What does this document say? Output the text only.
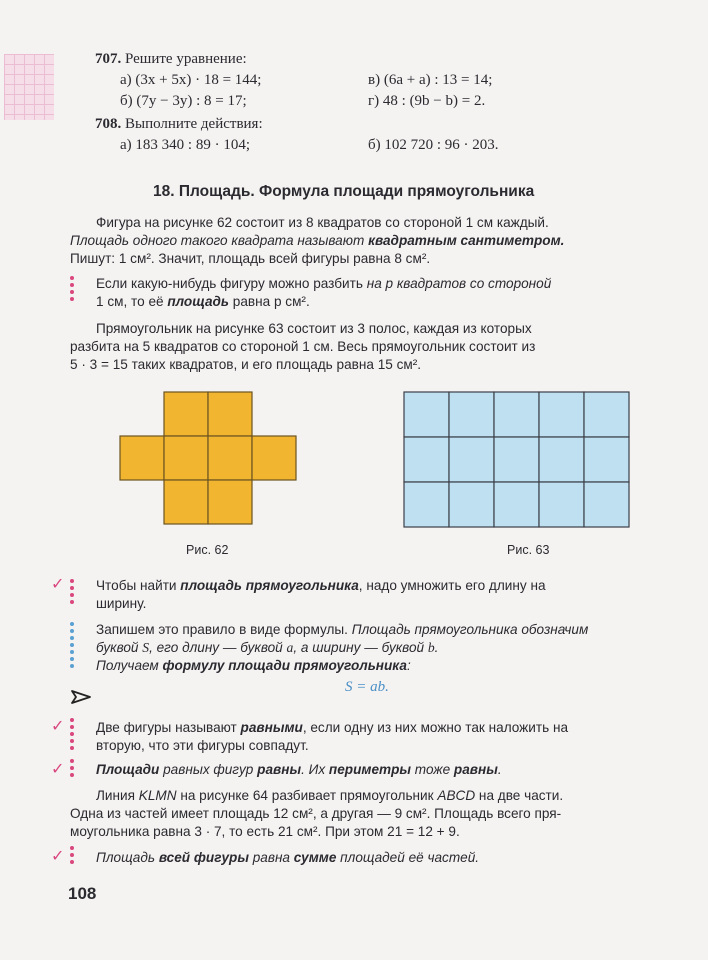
707. Решите уравнение:
а) (3x + 5x) · 18 = 144;	в) (6a + a) : 13 = 14;
б) (7y − 3y) : 8 = 17;	г) 48 : (9b − b) = 2.
708. Выполните действия:
а) 183 340 : 89 · 104;	б) 102 720 : 96 · 203.
18. Площадь. Формула площади прямоугольника
Фигура на рисунке 62 состоит из 8 квадратов со стороной 1 см каждый.
Площадь одного такого квадрата называют квадратным сантиметром.
Пишут: 1 см². Значит, площадь всей фигуры равна 8 см².
Если какую-нибудь фигуру можно разбить на p квадратов со стороной
1 см, то её площадь равна p см².
Прямоугольник на рисунке 63 состоит из 3 полос, каждая из которых
разбита на 5 квадратов со стороной 1 см. Весь прямоугольник состоит из
5 · 3 = 15 таких квадратов, и его площадь равна 15 см².
Рис. 62	Рис. 63
✓ Чтобы найти площадь прямоугольника, надо умножить его длину на
ширину.
Запишем это правило в виде формулы. Площадь прямоугольника обозначим
буквой S, его длину — буквой a, а ширину — буквой b.
Получаем формулу площади прямоугольника:
S = ab.
✓ Две фигуры называют равными, если одну из них можно так наложить на
вторую, что эти фигуры совпадут.
✓ Площади равных фигур равны. Их периметры тоже равны.
Линия KLMN на рисунке 64 разбивает прямоугольник ABCD на две части.
Одна из частей имеет площадь 12 см², а другая — 9 см². Площадь всего пря-
моугольника равна 3 · 7, то есть 21 см². При этом 21 = 12 + 9.
✓ Площадь всей фигуры равна сумме площадей её частей.
108
